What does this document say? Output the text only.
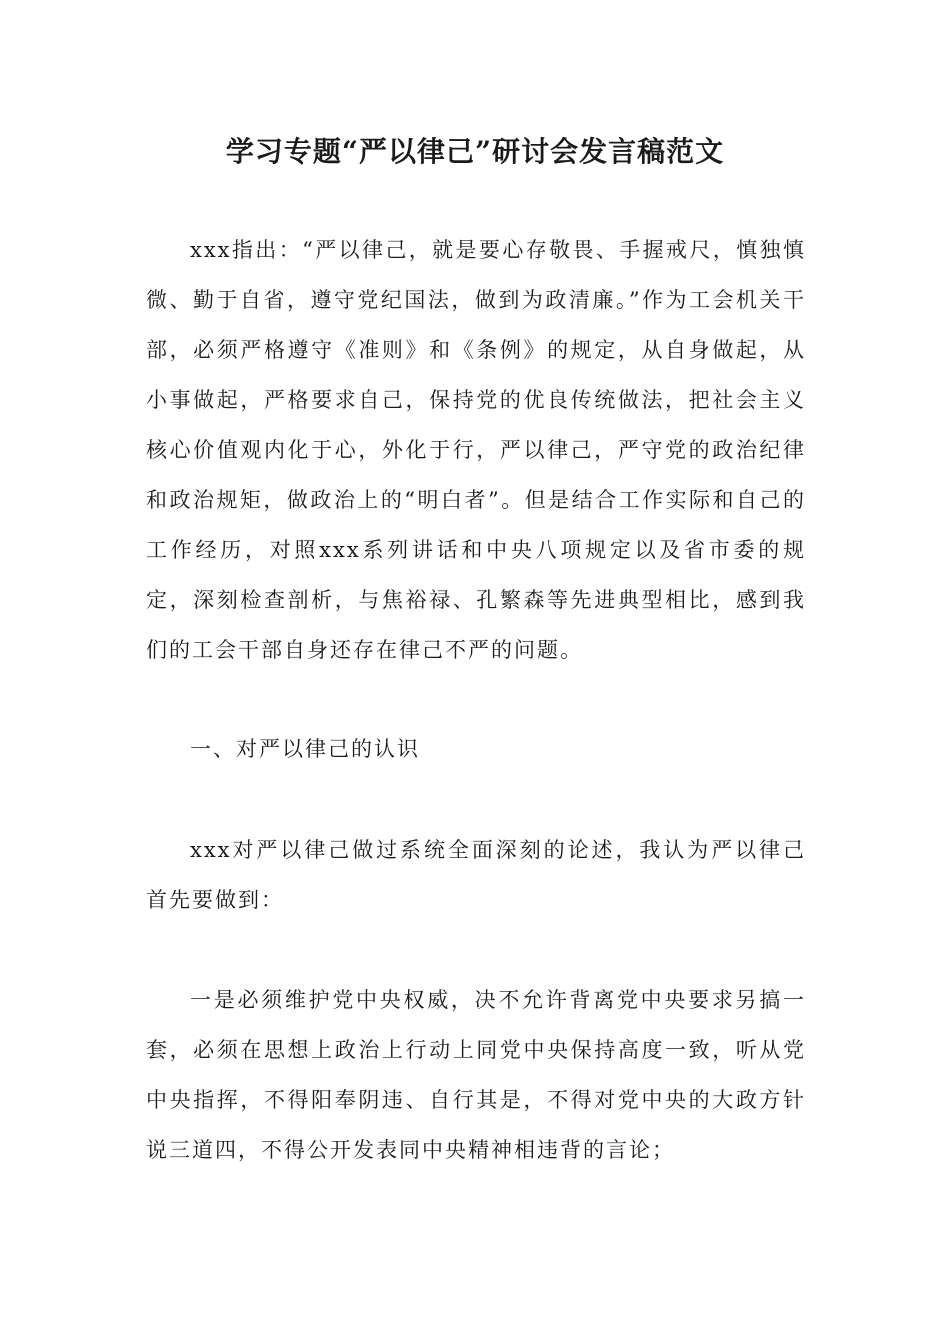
学习专题“严以律己”研讨会发言稿范文

xxx指出：“严以律己，就是要心存敬畏、手握戒尺，慎独慎微、勤于自省，遵守党纪国法，做到为政清廉。”作为工会机关干部，必须严格遵守《准则》和《条例》的规定，从自身做起，从小事做起，严格要求自己，保持党的优良传统做法，把社会主义核心价值观内化于心，外化于行，严以律己，严守党的政治纪律和政治规矩，做政治上的“明白者”。但是结合工作实际和自己的工作经历，对照xxx系列讲话和中央八项规定以及省市委的规定，深刻检查剖析，与焦裕禄、孔繁森等先进典型相比，感到我们的工会干部自身还存在律己不严的问题。

一、对严以律己的认识

xxx对严以律己做过系统全面深刻的论述，我认为严以律己首先要做到：

一是必须维护党中央权威，决不允许背离党中央要求另搞一套，必须在思想上政治上行动上同党中央保持高度一致，听从党中央指挥，不得阳奉阴违、自行其是，不得对党中央的大政方针说三道四，不得公开发表同中央精神相违背的言论；
